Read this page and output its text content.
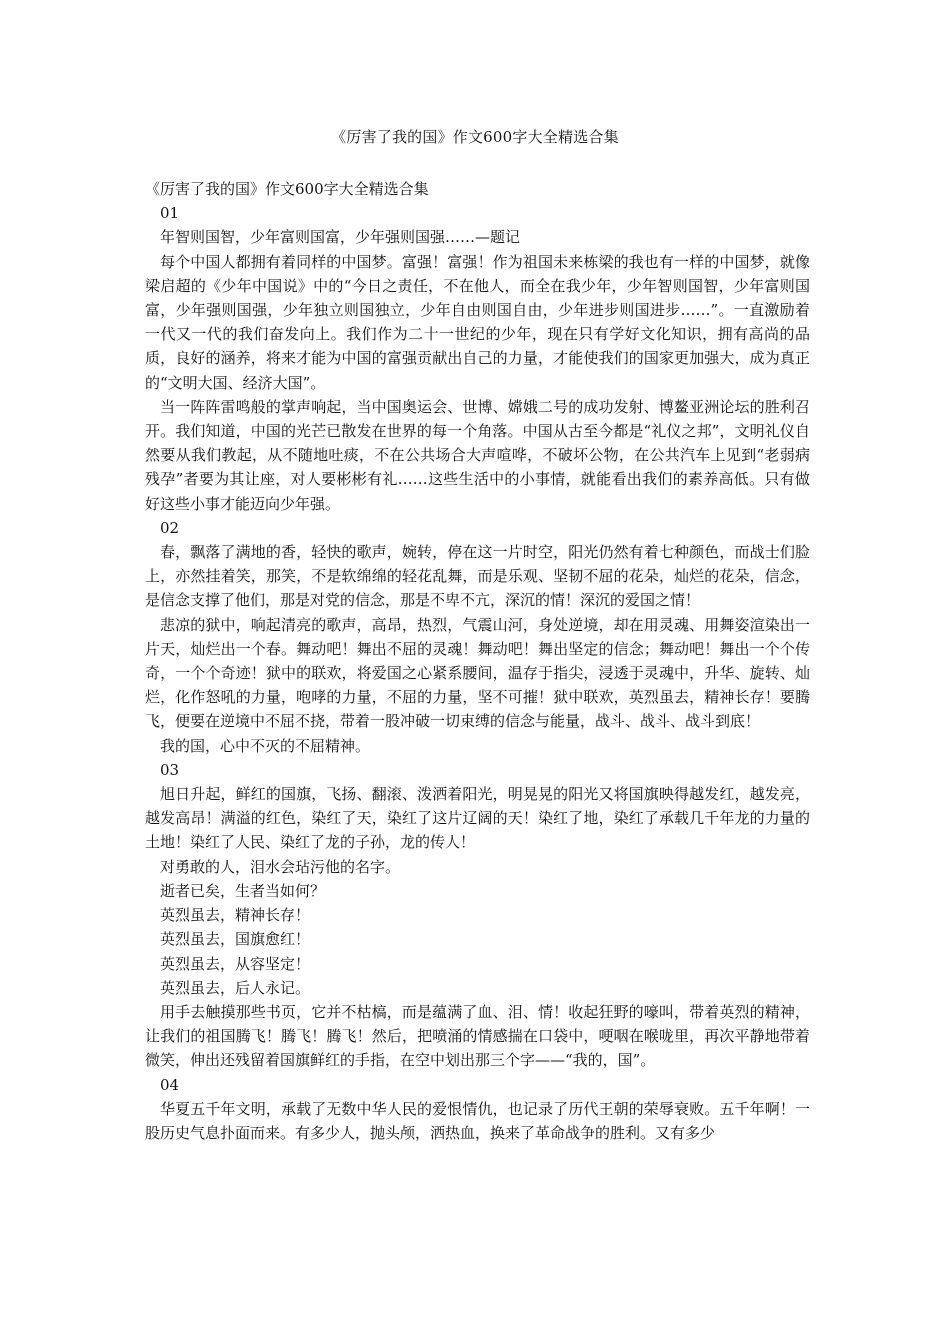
《厉害了我的国》作文600字大全精选合集

《厉害了我的国》作文600字大全精选合集

01

年智则国智，少年富则国富，少年强则国强……—题记

每个中国人都拥有着同样的中国梦。富强！富强！作为祖国未来栋梁的我也有一样的中国梦，就像梁启超的《少年中国说》中的“今日之责任，不在他人，而全在我少年，少年智则国智，少年富则国富，少年强则国强，少年独立则国独立，少年自由则国自由，少年进步则国进步……”。一直激励着一代又一代的我们奋发向上。我们作为二十一世纪的少年，现在只有学好文化知识，拥有高尚的品质，良好的涵养，将来才能为中国的富强贡献出自己的力量，才能使我们的国家更加强大，成为真正的“文明大国、经济大国”。

当一阵阵雷鸣般的掌声响起，当中国奥运会、世博、嫦娥二号的成功发射、博鳌亚洲论坛的胜利召开。我们知道，中国的光芒已散发在世界的每一个角落。中国从古至今都是“礼仪之邦”，文明礼仪自然要从我们教起，从不随地吐痰，不在公共场合大声喧哗，不破坏公物，在公共汽车上见到“老弱病残孕”者要为其让座，对人要彬彬有礼……这些生活中的小事情，就能看出我们的素养高低。只有做好这些小事才能迈向少年强。

02

春，飘落了满地的香，轻快的歌声，婉转，停在这一片时空，阳光仍然有着七种颜色，而战士们脸上，亦然挂着笑，那笑，不是软绵绵的轻花乱舞，而是乐观、坚韧不屈的花朵，灿烂的花朵，信念，是信念支撑了他们，那是对党的信念，那是不卑不亢，深沉的情！深沉的爱国之情！

悲凉的狱中，响起清亮的歌声，高昂，热烈，气震山河，身处逆境，却在用灵魂、用舞姿渲染出一片天，灿烂出一个春。舞动吧！舞出不屈的灵魂！舞动吧！舞出坚定的信念；舞动吧！舞出一个个传奇，一个个奇迹！狱中的联欢，将爱国之心紧系腰间，温存于指尖，浸透于灵魂中，升华、旋转、灿烂，化作怒吼的力量，咆哮的力量，不屈的力量，坚不可摧！狱中联欢，英烈虽去，精神长存！要腾飞，便要在逆境中不屈不挠，带着一股冲破一切束缚的信念与能量，战斗、战斗、战斗到底！

我的国，心中不灭的不屈精神。

03

旭日升起，鲜红的国旗，飞扬、翻滚、泼洒着阳光，明晃晃的阳光又将国旗映得越发红，越发亮，越发高昂！满溢的红色，染红了天，染红了这片辽阔的天！染红了地，染红了承载几千年龙的力量的土地！染红了人民、染红了龙的子孙，龙的传人！

对勇敢的人，泪水会玷污他的名字。

逝者已矣，生者当如何？

英烈虽去，精神长存！

英烈虽去，国旗愈红！

英烈虽去，从容坚定！

英烈虽去，后人永记。

用手去触摸那些书页，它并不枯槁，而是蕴满了血、泪、情！收起狂野的嚎叫，带着英烈的精神，让我们的祖国腾飞！腾飞！腾飞！然后，把喷涌的情感揣在口袋中，哽咽在喉咙里，再次平静地带着微笑，伸出还残留着国旗鲜红的手指，在空中划出那三个字——“我的，国”。

04

华夏五千年文明，承载了无数中华人民的爱恨情仇，也记录了历代王朝的荣辱衰败。五千年啊！一股历史气息扑面而来。有多少人，抛头颅，洒热血，换来了革命战争的胜利。又有多少
